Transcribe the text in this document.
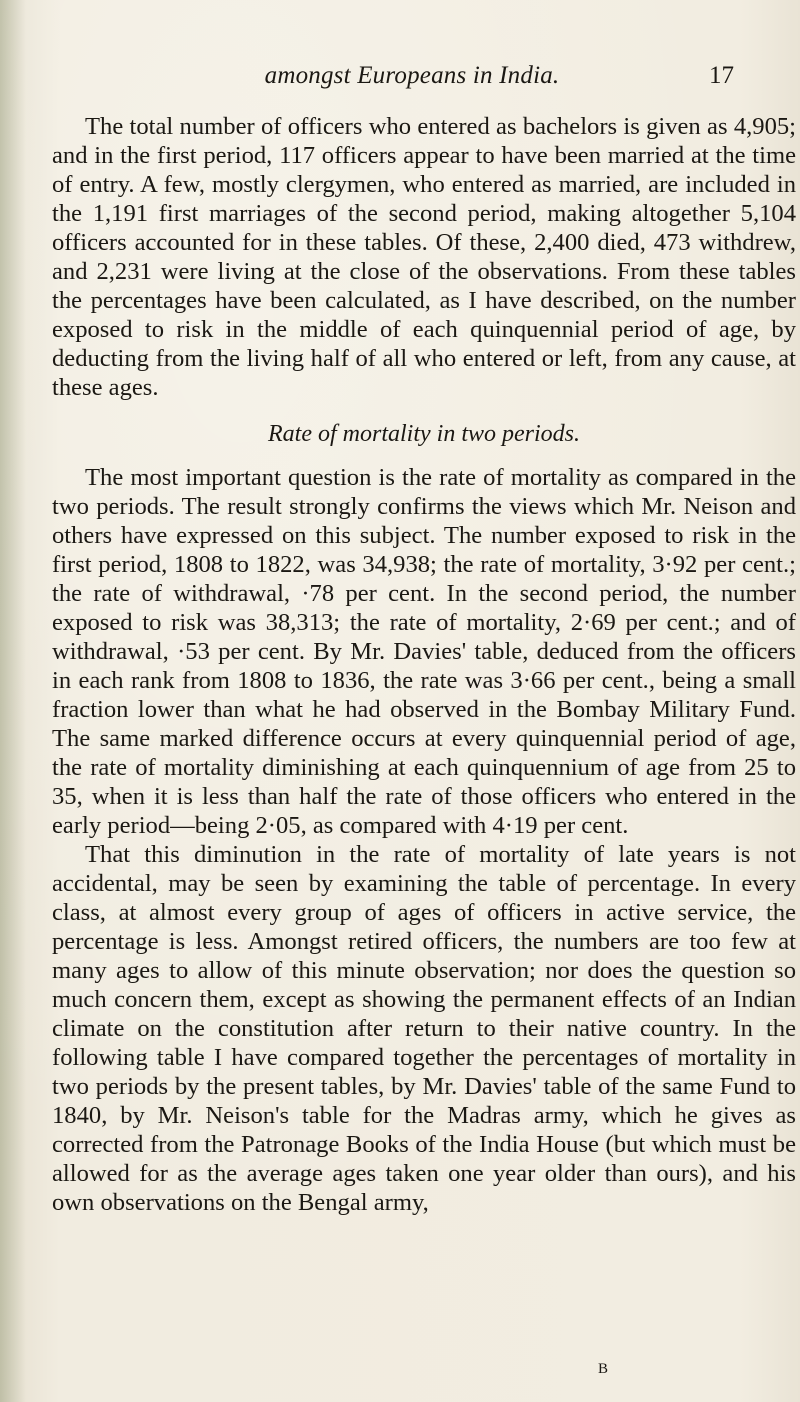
amongst Europeans in India.	17

The total number of officers who entered as bachelors is given as 4,905; and in the first period, 117 officers appear to have been married at the time of entry. A few, mostly clergymen, who entered as married, are included in the 1,191 first marriages of the second period, making altogether 5,104 officers accounted for in these tables. Of these, 2,400 died, 473 withdrew, and 2,231 were living at the close of the observations. From these tables the percentages have been calculated, as I have described, on the number exposed to risk in the middle of each quinquennial period of age, by deducting from the living half of all who entered or left, from any cause, at these ages.

Rate of mortality in two periods.

The most important question is the rate of mortality as compared in the two periods. The result strongly confirms the views which Mr. Neison and others have expressed on this subject. The number exposed to risk in the first period, 1808 to 1822, was 34,938; the rate of mortality, 3·92 per cent.; the rate of withdrawal, ·78 per cent. In the second period, the number exposed to risk was 38,313; the rate of mortality, 2·69 per cent.; and of withdrawal, ·53 per cent. By Mr. Davies' table, deduced from the officers in each rank from 1808 to 1836, the rate was 3·66 per cent., being a small fraction lower than what he had observed in the Bombay Military Fund. The same marked difference occurs at every quinquennial period of age, the rate of mortality diminishing at each quinquennium of age from 25 to 35, when it is less than half the rate of those officers who entered in the early period—being 2·05, as compared with 4·19 per cent.

That this diminution in the rate of mortality of late years is not accidental, may be seen by examining the table of percentage. In every class, at almost every group of ages of officers in active service, the percentage is less. Amongst retired officers, the numbers are too few at many ages to allow of this minute observation; nor does the question so much concern them, except as showing the permanent effects of an Indian climate on the constitution after return to their native country. In the following table I have compared together the percentages of mortality in two periods by the present tables, by Mr. Davies' table of the same Fund to 1840, by Mr. Neison's table for the Madras army, which he gives as corrected from the Patronage Books of the India House (but which must be allowed for as the average ages taken one year older than ours), and his own observations on the Bengal army,

B
